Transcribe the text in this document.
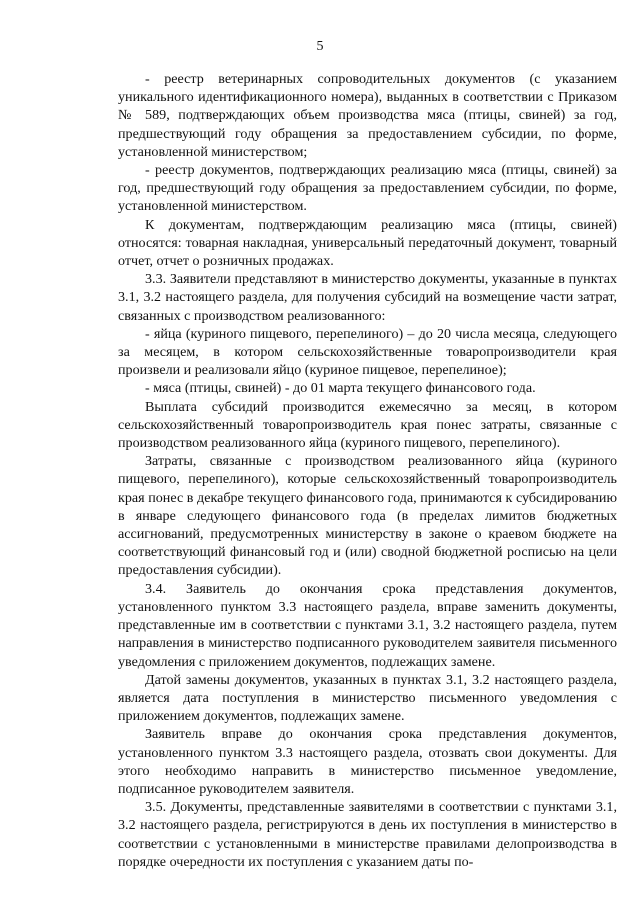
5

- реестр ветеринарных сопроводительных документов (с указанием уникального идентификационного номера), выданных в соответствии с Приказом № 589, подтверждающих объем производства мяса (птицы, свиней) за год, предшествующий году обращения за предоставлением субсидии, по форме, установленной министерством;

- реестр документов, подтверждающих реализацию мяса (птицы, свиней) за год, предшествующий году обращения за предоставлением субсидии, по форме, установленной министерством.

К документам, подтверждающим реализацию мяса (птицы, свиней) относятся: товарная накладная, универсальный передаточный документ, товарный отчет, отчет о розничных продажах.

3.3. Заявители представляют в министерство документы, указанные в пунктах 3.1, 3.2 настоящего раздела, для получения субсидий на возмещение части затрат, связанных с производством реализованного:

- яйца (куриного пищевого, перепелиного) – до 20 числа месяца, следующего за месяцем, в котором сельскохозяйственные товаропроизводители края произвели и реализовали яйцо (куриное пищевое, перепелиное);

- мяса (птицы, свиней) - до 01 марта текущего финансового года.

Выплата субсидий производится ежемесячно за месяц, в котором сельскохозяйственный товаропроизводитель края понес затраты, связанные с производством реализованного яйца (куриного пищевого, перепелиного).

Затраты, связанные с производством реализованного яйца (куриного пищевого, перепелиного), которые сельскохозяйственный товаропроизводитель края понес в декабре текущего финансового года, принимаются к субсидированию в январе следующего финансового года (в пределах лимитов бюджетных ассигнований, предусмотренных министерству в законе о краевом бюджете на соответствующий финансовый год и (или) сводной бюджетной росписью на цели предоставления субсидии).

3.4. Заявитель до окончания срока представления документов, установленного пунктом 3.3 настоящего раздела, вправе заменить документы, представленные им в соответствии с пунктами 3.1, 3.2 настоящего раздела, путем направления в министерство подписанного руководителем заявителя письменного уведомления с приложением документов, подлежащих замене.

Датой замены документов, указанных в пунктах 3.1, 3.2 настоящего раздела, является дата поступления в министерство письменного уведомления с приложением документов, подлежащих замене.

Заявитель вправе до окончания срока представления документов, установленного пунктом 3.3 настоящего раздела, отозвать свои документы. Для этого необходимо направить в министерство письменное уведомление, подписанное руководителем заявителя.

3.5. Документы, представленные заявителями в соответствии с пунктами 3.1, 3.2 настоящего раздела, регистрируются в день их поступления в министерство в соответствии с установленными в министерстве правилами делопроизводства в порядке очередности их поступления с указанием даты по-
